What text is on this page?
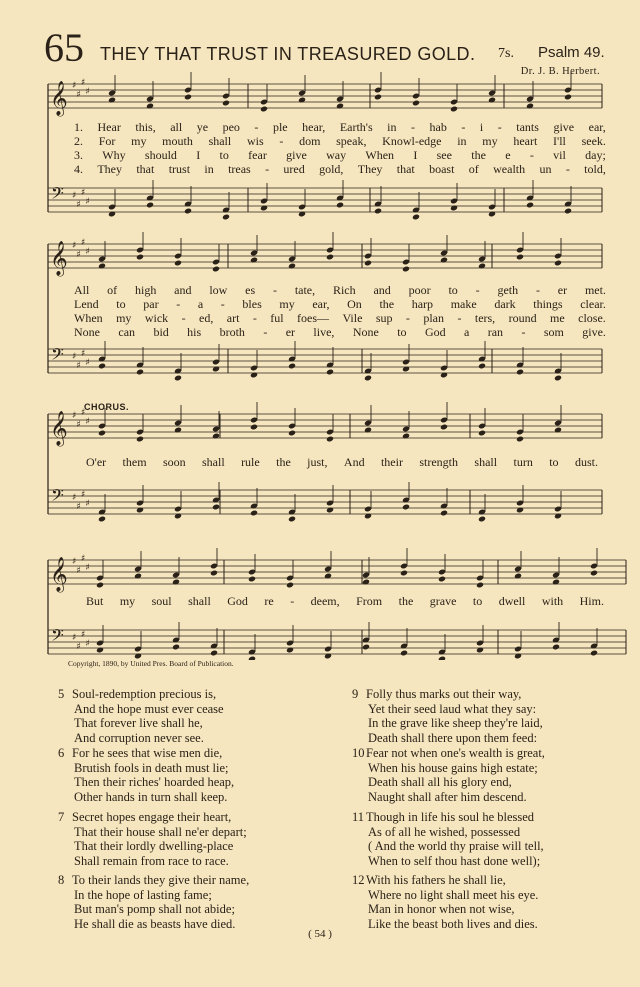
65 THEY THAT TRUST IN TREASURED GOLD. 7s. Psalm 49.
Dr. J. B. Herbert.
𝄞
𝄢
♯
♯
♯
♯
♯
♯
♯
♯
𝄞
𝄢
♯
♯
♯
♯
♯
♯
♯
♯
𝄞
𝄢
♯
♯
♯
♯
♯
♯
♯
♯
𝄞
𝄢
♯
♯
♯
♯
♯
♯
♯
♯
1. Hear this, all ye peo - ple hear, Earth's in - hab - i - tants give ear,
2. For my mouth shall wis - dom speak, Knowl-edge in my heart I'll seek.
3. Why should I to fear give way When I see the e - vil day;
4. They that trust in treas - ured gold, They that boast of wealth un - told,
All of high and low es - tate, Rich and poor to - geth - er met.
Lend to par - a - bles my ear, On the harp make dark things clear.
When my wick - ed, art - ful foes— Vile sup - plan - ters, round me close.
None can bid his broth - er live, None to God a ran - som give.
CHORUS.
O'er them soon shall rule the just, And their strength shall turn to dust.
But my soul shall God re - deem, From the grave to dwell with Him.
Copyright, 1890, by United Pres. Board of Publication.
5 Soul-redemption precious is,
And the hope must ever cease
That forever live shall he,
And corruption never see.
6 For he sees that wise men die,
Brutish fools in death must lie;
Then their riches' hoarded heap,
Other hands in turn shall keep.
7 Secret hopes engage their heart,
That their house shall ne'er depart;
That their lordly dwelling-place
Shall remain from race to race.
8 To their lands they give their name,
In the hope of lasting fame;
But man's pomp shall not abide;
He shall die as beasts have died.
9 Folly thus marks out their way,
Yet their seed laud what they say:
In the grave like sheep they're laid,
Death shall there upon them feed:
10 Fear not when one's wealth is great,
When his house gains high estate;
Death shall all his glory end,
Naught shall after him descend.
11 Though in life his soul he blessed
As of all he wished, possessed
( And the world thy praise will tell,
When to self thou hast done well);
12 With his fathers he shall lie,
Where no light shall meet his eye.
Man in honor when not wise,
Like the beast both lives and dies.
( 54 )
